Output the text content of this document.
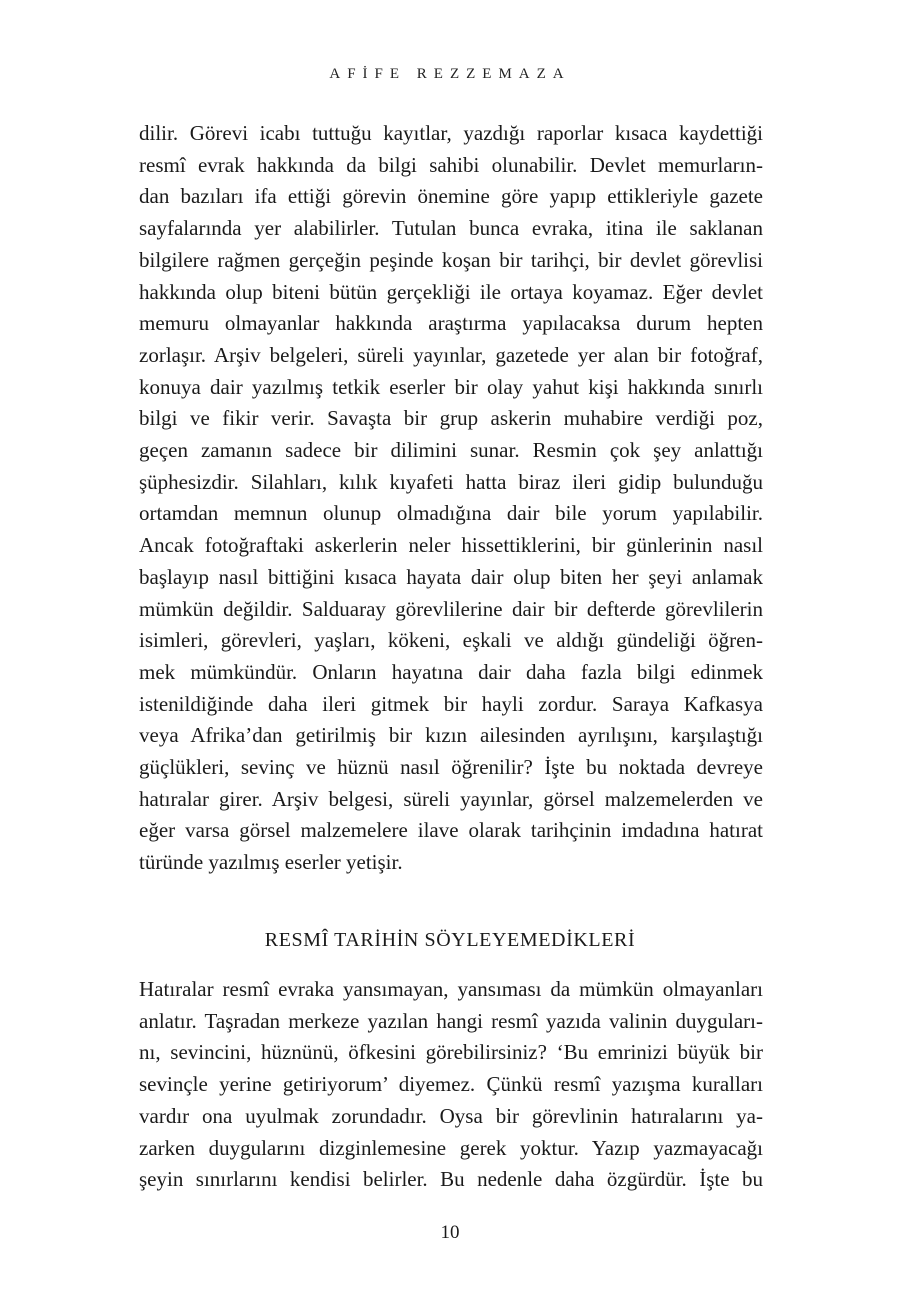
AFİFE REZZEMAZA
dilir. Görevi icabı tuttuğu kayıtlar, yazdığı raporlar kısaca kaydettiği
resmî evrak hakkında da bilgi sahibi olunabilir. Devlet memurların-
dan bazıları ifa ettiği görevin önemine göre yapıp ettikleriyle gazete
sayfalarında yer alabilirler. Tutulan bunca evraka, itina ile saklanan
bilgilere rağmen gerçeğin peşinde koşan bir tarihçi, bir devlet görevlisi
hakkında olup biteni bütün gerçekliği ile ortaya koyamaz. Eğer devlet
memuru olmayanlar hakkında araştırma yapılacaksa durum hepten
zorlaşır. Arşiv belgeleri, süreli yayınlar, gazetede yer alan bir fotoğraf,
konuya dair yazılmış tetkik eserler bir olay yahut kişi hakkında sınırlı
bilgi ve fikir verir. Savaşta bir grup askerin muhabire verdiği poz,
geçen zamanın sadece bir dilimini sunar. Resmin çok şey anlattığı
şüphesizdir. Silahları, kılık kıyafeti hatta biraz ileri gidip bulunduğu
ortamdan memnun olunup olmadığına dair bile yorum yapılabilir.
Ancak fotoğraftaki askerlerin neler hissettiklerini, bir günlerinin nasıl
başlayıp nasıl bittiğini kısaca hayata dair olup biten her şeyi anlamak
mümkün değildir. Salduaray görevlilerine dair bir defterde görevlilerin
isimleri, görevleri, yaşları, kökeni, eşkali ve aldığı gündeliği öğren-
mek mümkündür. Onların hayatına dair daha fazla bilgi edinmek
istenildiğinde daha ileri gitmek bir hayli zordur. Saraya Kafkasya
veya Afrika’dan getirilmiş bir kızın ailesinden ayrılışını, karşılaştığı
güçlükleri, sevinç ve hüznü nasıl öğrenilir? İşte bu noktada devreye
hatıralar girer. Arşiv belgesi, süreli yayınlar, görsel malzemelerden ve
eğer varsa görsel malzemelere ilave olarak tarihçinin imdadına hatırat
türünde yazılmış eserler yetişir.
RESMÎ TARİHİN SÖYLEYEMEDİKLERİ
Hatıralar resmî evraka yansımayan, yansıması da mümkün olmayanları
anlatır. Taşradan merkeze yazılan hangi resmî yazıda valinin duyguları-
nı, sevincini, hüznünü, öfkesini görebilirsiniz? ‘Bu emrinizi büyük bir
sevinçle yerine getiriyorum’ diyemez. Çünkü resmî yazışma kuralları
vardır ona uyulmak zorundadır. Oysa bir görevlinin hatıralarını ya-
zarken duygularını dizginlemesine gerek yoktur. Yazıp yazmayacağı
şeyin sınırlarını kendisi belirler. Bu nedenle daha özgürdür. İşte bu
10
